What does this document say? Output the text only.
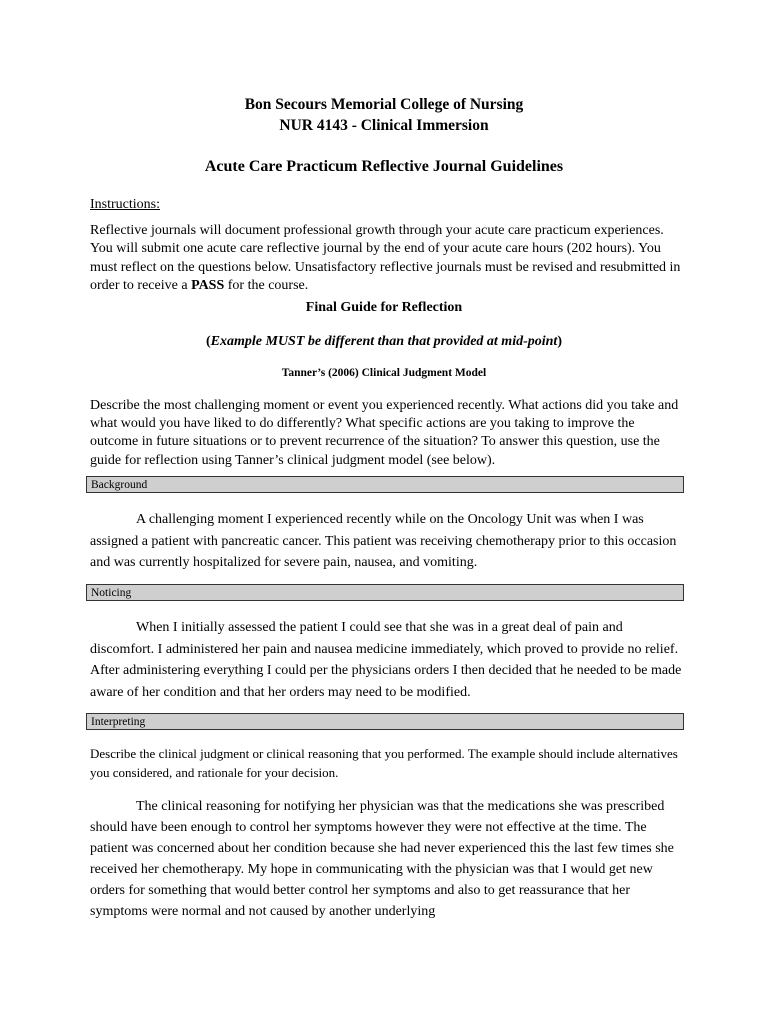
Bon Secours Memorial College of Nursing
NUR 4143 - Clinical Immersion
Acute Care Practicum Reflective Journal Guidelines
Instructions:
Reflective journals will document professional growth through your acute care practicum experiences. You will submit one acute care reflective journal by the end of your acute care hours (202 hours). You must reflect on the questions below. Unsatisfactory reflective journals must be revised and resubmitted in order to receive a PASS for the course.
Final Guide for Reflection
(Example MUST be different than that provided at mid-point)
Tanner’s (2006) Clinical Judgment Model
Describe the most challenging moment or event you experienced recently. What actions did you take and what would you have liked to do differently? What specific actions are you taking to improve the outcome in future situations or to prevent recurrence of the situation? To answer this question, use the guide for reflection using Tanner’s clinical judgment model (see below).
Background
A challenging moment I experienced recently while on the Oncology Unit was when I was assigned a patient with pancreatic cancer. This patient was receiving chemotherapy prior to this occasion and was currently hospitalized for severe pain, nausea, and vomiting.
Noticing
When I initially assessed the patient I could see that she was in a great deal of pain and discomfort. I administered her pain and nausea medicine immediately, which proved to provide no relief. After administering everything I could per the physicians orders I then decided that he needed to be made aware of her condition and that her orders may need to be modified.
Interpreting
Describe the clinical judgment or clinical reasoning that you performed. The example should include alternatives you considered, and rationale for your decision.
The clinical reasoning for notifying her physician was that the medications she was prescribed should have been enough to control her symptoms however they were not effective at the time. The patient was concerned about her condition because she had never experienced this the last few times she received her chemotherapy. My hope in communicating with the physician was that I would get new orders for something that would better control her symptoms and also to get reassurance that her symptoms were normal and not caused by another underlying
